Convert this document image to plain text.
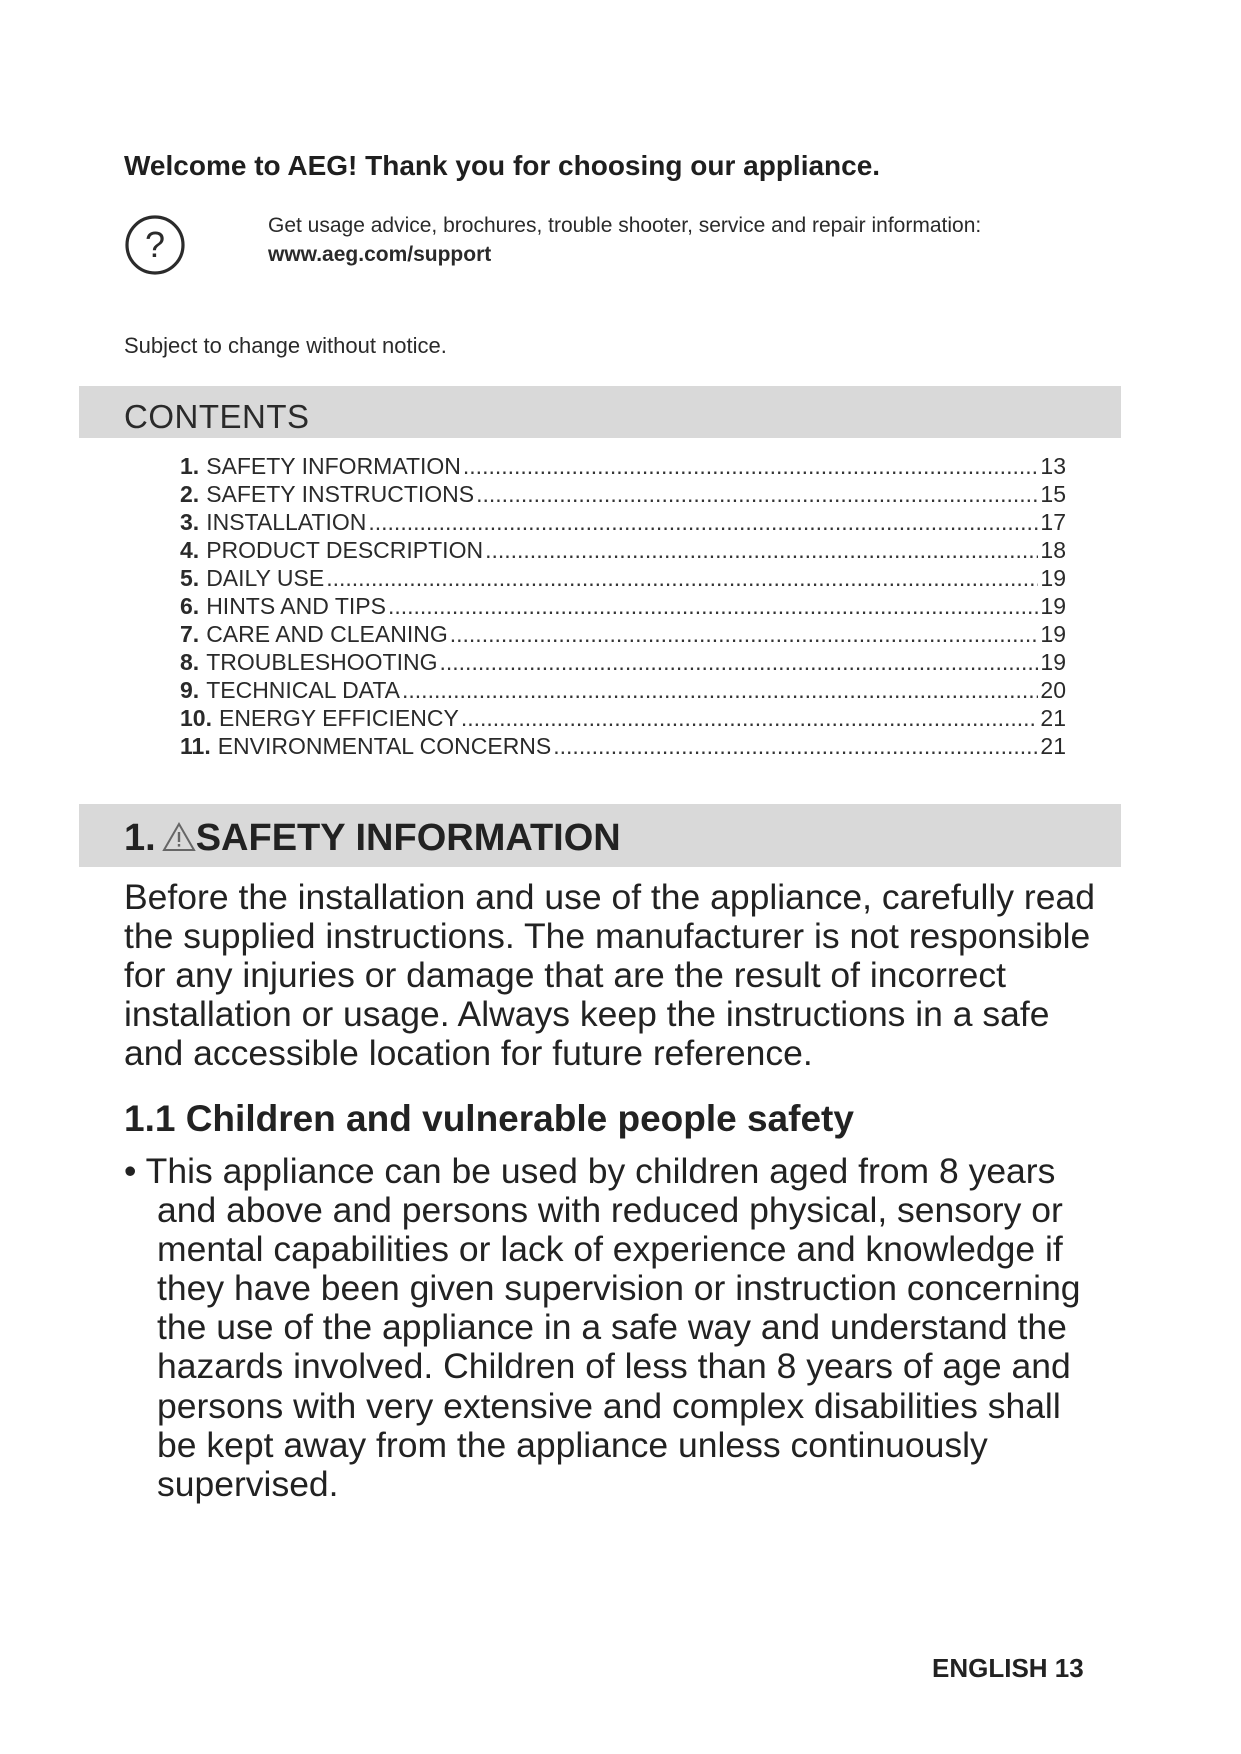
Welcome to AEG! Thank you for choosing our appliance.
?	Get usage advice, brochures, trouble shooter, service and repair information:
www.aeg.com/support
Subject to change without notice.
CONTENTS
1. SAFETY INFORMATION .....	13
2. SAFETY INSTRUCTIONS .....	15
3. INSTALLATION .....	17
4. PRODUCT DESCRIPTION .....	18
5. DAILY USE .....	19
6. HINTS AND TIPS .....	19
7. CARE AND CLEANING .....	19
8. TROUBLESHOOTING .....	19
9. TECHNICAL DATA .....	20
10. ENERGY EFFICIENCY .....	21
11. ENVIRONMENTAL CONCERNS .....	21
1. SAFETY INFORMATION
Before the installation and use of the appliance, carefully read
the supplied instructions. The manufacturer is not responsible
for any injuries or damage that are the result of incorrect
installation or usage. Always keep the instructions in a safe
and accessible location for future reference.
1.1 Children and vulnerable people safety
• This appliance can be used by children aged from 8 years
and above and persons with reduced physical, sensory or
mental capabilities or lack of experience and knowledge if
they have been given supervision or instruction concerning
the use of the appliance in a safe way and understand the
hazards involved. Children of less than 8 years of age and
persons with very extensive and complex disabilities shall
be kept away from the appliance unless continuously
supervised.
ENGLISH 13
